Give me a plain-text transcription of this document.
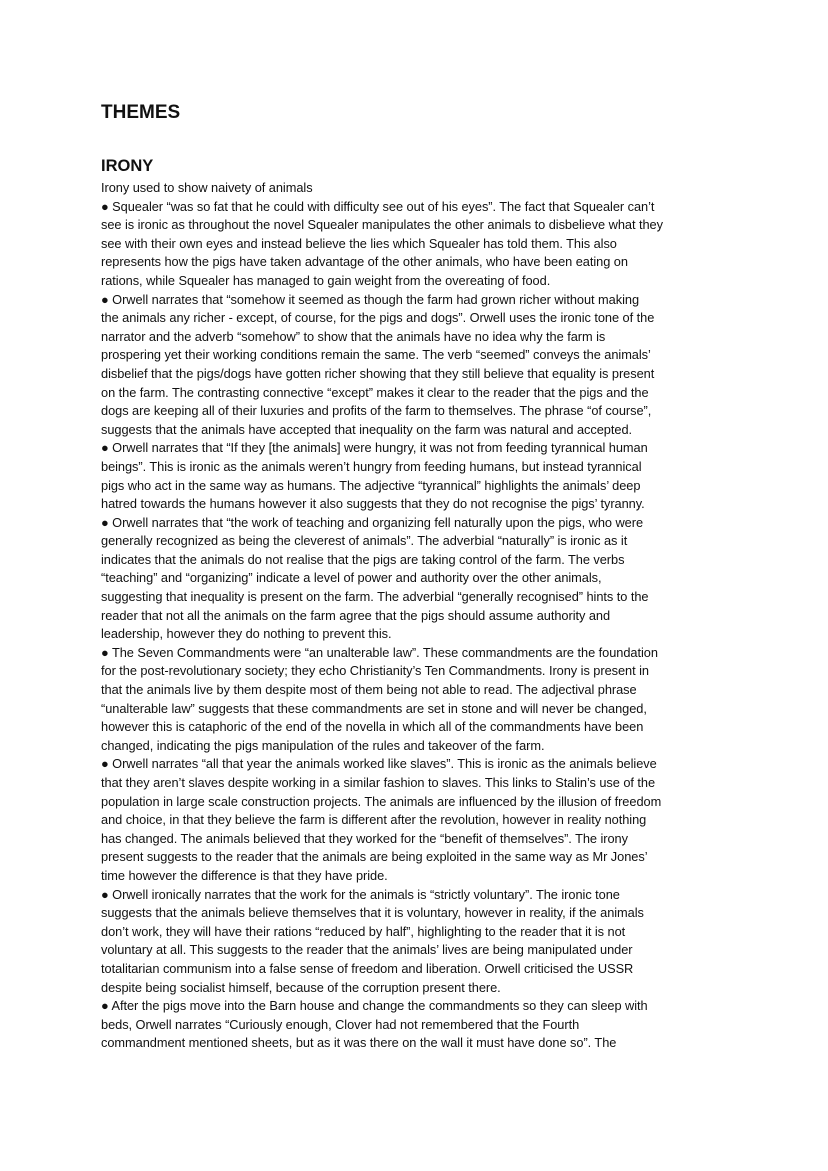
THEMES
IRONY
Irony used to show naivety of animals
● Squealer “was so fat that he could with difficulty see out of his eyes”. The fact that Squealer can’t
see is ironic as throughout the novel Squealer manipulates the other animals to disbelieve what they
see with their own eyes and instead believe the lies which Squealer has told them. This also
represents how the pigs have taken advantage of the other animals, who have been eating on
rations, while Squealer has managed to gain weight from the overeating of food.
● Orwell narrates that “somehow it seemed as though the farm had grown richer without making
the animals any richer - except, of course, for the pigs and dogs”. Orwell uses the ironic tone of the
narrator and the adverb “somehow” to show that the animals have no idea why the farm is
prospering yet their working conditions remain the same. The verb “seemed” conveys the animals’
disbelief that the pigs/dogs have gotten richer showing that they still believe that equality is present
on the farm. The contrasting connective “except” makes it clear to the reader that the pigs and the
dogs are keeping all of their luxuries and profits of the farm to themselves. The phrase “of course”,
suggests that the animals have accepted that inequality on the farm was natural and accepted.
● Orwell narrates that “If they [the animals] were hungry, it was not from feeding tyrannical human
beings”. This is ironic as the animals weren’t hungry from feeding humans, but instead tyrannical
pigs who act in the same way as humans. The adjective “tyrannical” highlights the animals’ deep
hatred towards the humans however it also suggests that they do not recognise the pigs’ tyranny.
● Orwell narrates that “the work of teaching and organizing fell naturally upon the pigs, who were
generally recognized as being the cleverest of animals”. The adverbial “naturally” is ironic as it
indicates that the animals do not realise that the pigs are taking control of the farm. The verbs
“teaching” and “organizing” indicate a level of power and authority over the other animals,
suggesting that inequality is present on the farm. The adverbial “generally recognised” hints to the
reader that not all the animals on the farm agree that the pigs should assume authority and
leadership, however they do nothing to prevent this.
● The Seven Commandments were “an unalterable law”. These commandments are the foundation
for the post-revolutionary society; they echo Christianity’s Ten Commandments. Irony is present in
that the animals live by them despite most of them being not able to read. The adjectival phrase
“unalterable law” suggests that these commandments are set in stone and will never be changed,
however this is cataphoric of the end of the novella in which all of the commandments have been
changed, indicating the pigs manipulation of the rules and takeover of the farm.
● Orwell narrates “all that year the animals worked like slaves”. This is ironic as the animals believe
that they aren’t slaves despite working in a similar fashion to slaves. This links to Stalin’s use of the
population in large scale construction projects. The animals are influenced by the illusion of freedom
and choice, in that they believe the farm is different after the revolution, however in reality nothing
has changed. The animals believed that they worked for the “benefit of themselves”. The irony
present suggests to the reader that the animals are being exploited in the same way as Mr Jones’
time however the difference is that they have pride.
● Orwell ironically narrates that the work for the animals is “strictly voluntary”. The ironic tone
suggests that the animals believe themselves that it is voluntary, however in reality, if the animals
don’t work, they will have their rations “reduced by half”, highlighting to the reader that it is not
voluntary at all. This suggests to the reader that the animals’ lives are being manipulated under
totalitarian communism into a false sense of freedom and liberation. Orwell criticised the USSR
despite being socialist himself, because of the corruption present there.
● After the pigs move into the Barn house and change the commandments so they can sleep with
beds, Orwell narrates “Curiously enough, Clover had not remembered that the Fourth
commandment mentioned sheets, but as it was there on the wall it must have done so”. The
